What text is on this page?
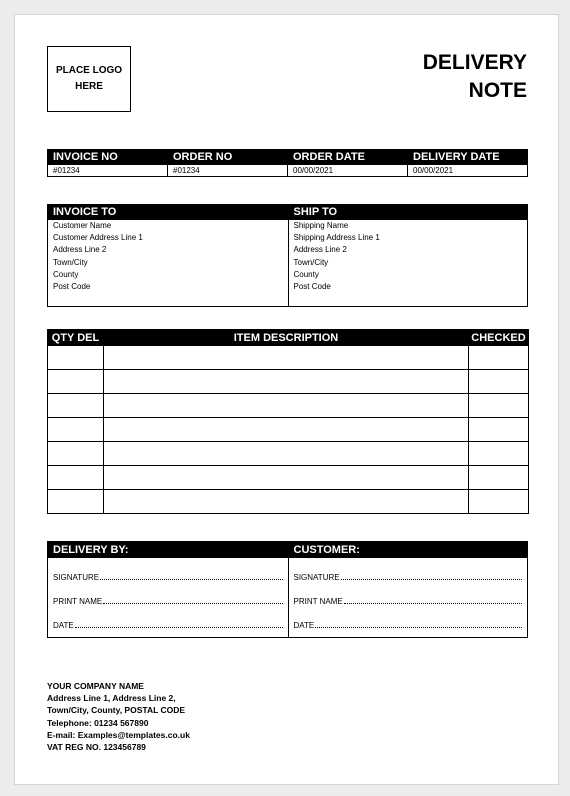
PLACE LOGO
HERE
DELIVERY
NOTE
INVOICE NO	ORDER NO	ORDER DATE	DELIVERY DATE
#01234	#01234	00/00/2021	00/00/2021
INVOICE TO
Customer Name
Customer Address Line 1
Address Line 2
Town/City
County
Post Code
SHIP TO
Shipping Name
Shipping Address Line 1
Address Line 2
Town/City
County
Post Code
QTY DEL	ITEM DESCRIPTION	CHECKED

DELIVERY BY:
SIGNATURE
PRINT NAME
DATE
CUSTOMER:
SIGNATURE
PRINT NAME
DATE
YOUR COMPANY NAME
Address Line 1, Address Line 2,
Town/City, County, POSTAL CODE
Telephone: 01234 567890
E-mail: Examples@templates.co.uk
VAT REG NO. 123456789
